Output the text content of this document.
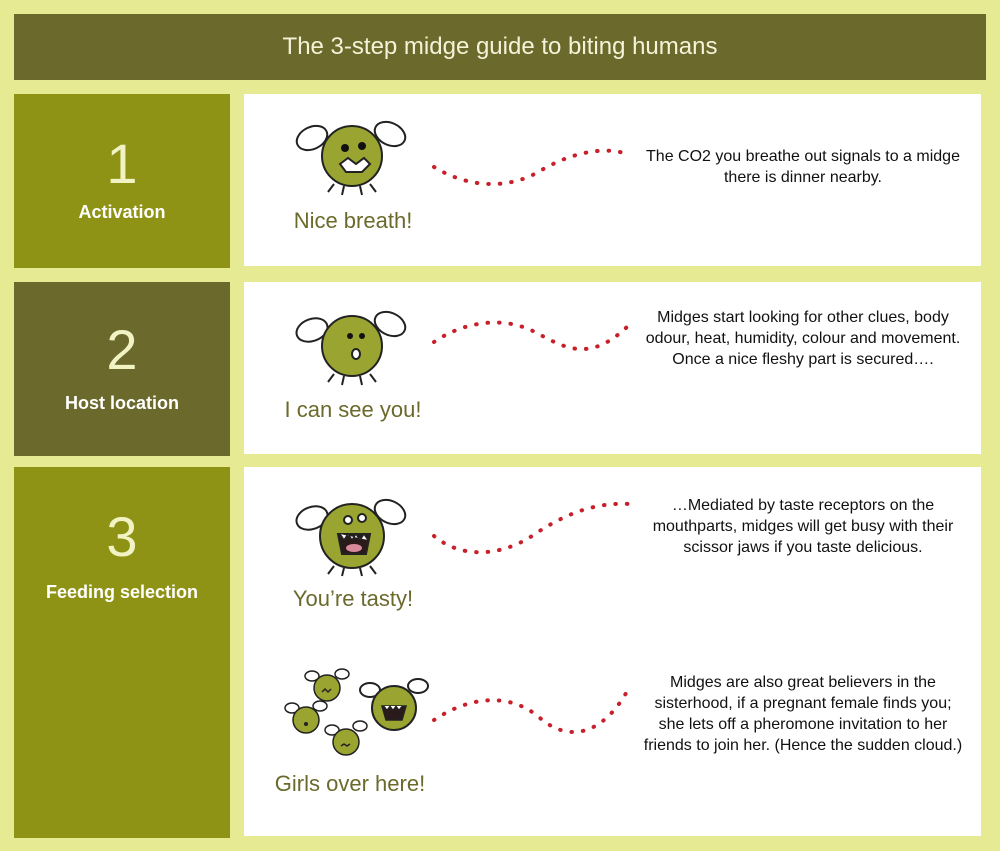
The 3-step midge guide to biting humans
1
Activation
2
Host location
3
Feeding selection
Nice breath!
I can see you!
You’re tasty!
Girls over here!
The CO2 you breathe out signals to a midge there is dinner nearby.
Midges start looking for other clues, body odour, heat, humidity, colour and movement. Once a nice fleshy part is secured….
…Mediated by taste receptors on the mouthparts, midges will get busy with their scissor jaws if you taste delicious.
Midges are also great believers in the sisterhood, if a pregnant female finds you; she lets off a pheromone invitation to her friends to join her. (Hence the sudden cloud.)
